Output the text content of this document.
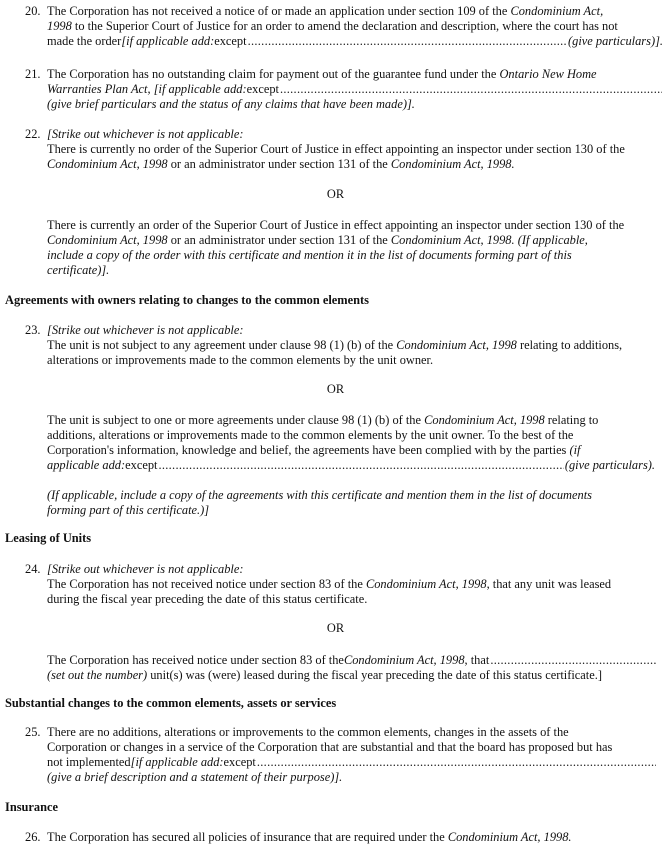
20. The Corporation has not received a notice of or made an application under section 109 of the Condominium Act,
1998 to the Superior Court of Justice for an order to amend the declaration and description, where the court has not
made the order [if applicable add: except .....	(give particulars)].
21. The Corporation has no outstanding claim for payment out of the guarantee fund under the Ontario New Home
Warranties Plan Act, [if applicable add: except
.....
(give brief particulars and the status of any claims that have been made)].
22. [Strike out whichever is not applicable:
There is currently no order of the Superior Court of Justice in effect appointing an inspector under section 130 of the
Condominium Act, 1998 or an administrator under section 131 of the Condominium Act, 1998.
OR
There is currently an order of the Superior Court of Justice in effect appointing an inspector under section 130 of the
Condominium Act, 1998 or an administrator under section 131 of the Condominium Act, 1998. (If applicable,
include a copy of the order with this certificate and mention it in the list of documents forming part of this
certificate)].
Agreements with owners relating to changes to the common elements
23. [Strike out whichever is not applicable:
The unit is not subject to any agreement under clause 98 (1) (b) of the Condominium Act, 1998 relating to additions,
alterations or improvements made to the common elements by the unit owner.
OR
The unit is subject to one or more agreements under clause 98 (1) (b) of the Condominium Act, 1998 relating to
additions, alterations or improvements made to the common elements by the unit owner. To the best of the
Corporation's information, knowledge and belief, the agreements have been complied with by the parties (if
applicable add: except .....	(give particulars).
(If applicable, include a copy of the agreements with this certificate and mention them in the list of documents
forming part of this certificate.)]
Leasing of Units
24. [Strike out whichever is not applicable:
The Corporation has not received notice under section 83 of the Condominium Act, 1998, that any unit was leased
during the fiscal year preceding the date of this status certificate.
OR
The Corporation has received notice under section 83 of the Condominium Act, 1998 , that
.....
(set out the number) unit(s) was (were) leased during the fiscal year preceding the date of this status certificate.]
Substantial changes to the common elements, assets or services
25. There are no additions, alterations or improvements to the common elements, changes in the assets of the
Corporation or changes in a service of the Corporation that are substantial and that the board has proposed but has
not implemented [if applicable add: except
.....
(give a brief description and a statement of their purpose)].
Insurance
26. The Corporation has secured all policies of insurance that are required under the Condominium Act, 1998.
